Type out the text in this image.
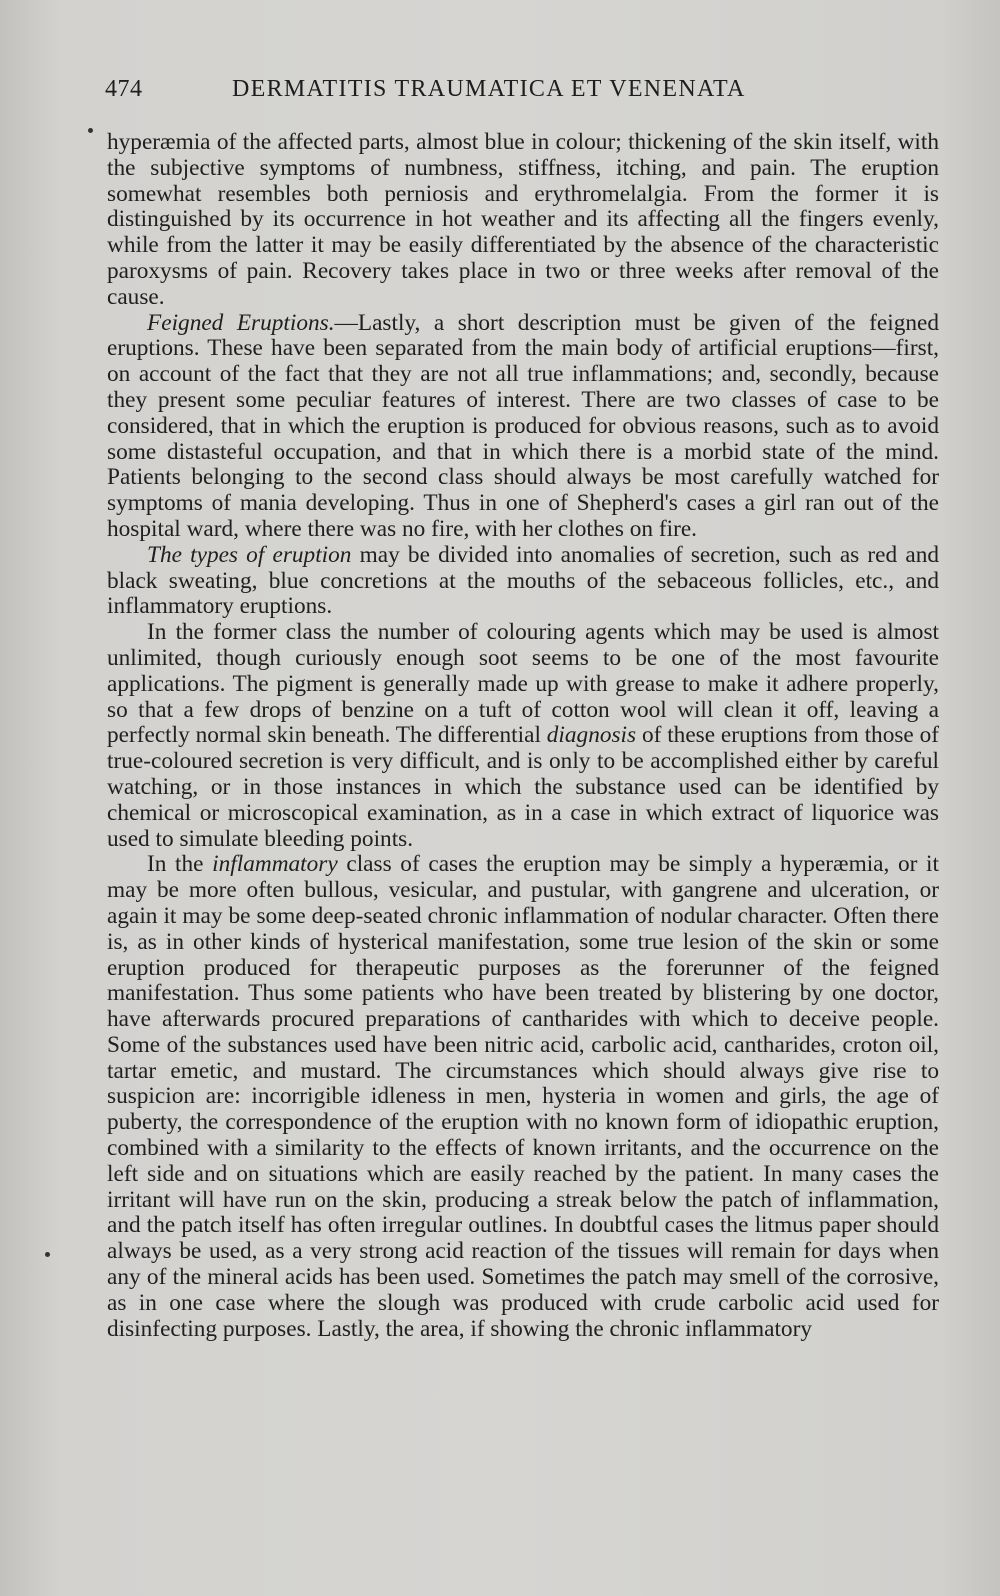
474	DERMATITIS TRAUMATICA ET VENENATA

hyperæmia of the affected parts, almost blue in colour; thickening of the skin itself, with the subjective symptoms of numbness, stiffness, itching, and pain. The eruption somewhat resembles both perniosis and erythromelalgia. From the former it is distinguished by its occurrence in hot weather and its affecting all the fingers evenly, while from the latter it may be easily differentiated by the absence of the characteristic paroxysms of pain. Recovery takes place in two or three weeks after removal of the cause.

Feigned Eruptions.—Lastly, a short description must be given of the feigned eruptions. These have been separated from the main body of artificial eruptions—first, on account of the fact that they are not all true inflammations; and, secondly, because they present some peculiar features of interest. There are two classes of case to be considered, that in which the eruption is produced for obvious reasons, such as to avoid some distasteful occupation, and that in which there is a morbid state of the mind. Patients belonging to the second class should always be most carefully watched for symptoms of mania developing. Thus in one of Shepherd's cases a girl ran out of the hospital ward, where there was no fire, with her clothes on fire.

The types of eruption may be divided into anomalies of secretion, such as red and black sweating, blue concretions at the mouths of the sebaceous follicles, etc., and inflammatory eruptions.

In the former class the number of colouring agents which may be used is almost unlimited, though curiously enough soot seems to be one of the most favourite applications. The pigment is generally made up with grease to make it adhere properly, so that a few drops of benzine on a tuft of cotton wool will clean it off, leaving a perfectly normal skin beneath. The differential diagnosis of these eruptions from those of true-coloured secretion is very difficult, and is only to be accomplished either by careful watching, or in those instances in which the substance used can be identified by chemical or microscopical examination, as in a case in which extract of liquorice was used to simulate bleeding points.

In the inflammatory class of cases the eruption may be simply a hyperæmia, or it may be more often bullous, vesicular, and pustular, with gangrene and ulceration, or again it may be some deep-seated chronic inflammation of nodular character. Often there is, as in other kinds of hysterical manifestation, some true lesion of the skin or some eruption produced for therapeutic purposes as the forerunner of the feigned manifestation. Thus some patients who have been treated by blistering by one doctor, have afterwards procured preparations of cantharides with which to deceive people. Some of the substances used have been nitric acid, carbolic acid, cantharides, croton oil, tartar emetic, and mustard. The circumstances which should always give rise to suspicion are: incorrigible idleness in men, hysteria in women and girls, the age of puberty, the correspondence of the eruption with no known form of idiopathic eruption, combined with a similarity to the effects of known irritants, and the occurrence on the left side and on situations which are easily reached by the patient. In many cases the irritant will have run on the skin, producing a streak below the patch of inflammation, and the patch itself has often irregular outlines. In doubtful cases the litmus paper should always be used, as a very strong acid reaction of the tissues will remain for days when any of the mineral acids has been used. Sometimes the patch may smell of the corrosive, as in one case where the slough was produced with crude carbolic acid used for disinfecting purposes. Lastly, the area, if showing the chronic inflammatory
